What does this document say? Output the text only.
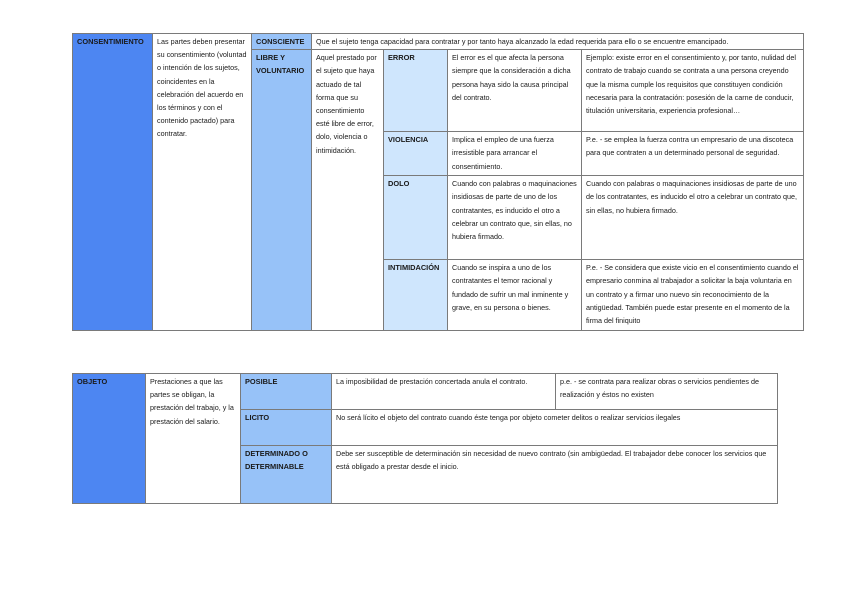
CONSENTIMIENTO	Las partes deben presentar su consentimiento (voluntad o intención de los sujetos, coincidentes en la celebración del acuerdo en los términos y con el contenido pactado) para contratar.	CONSCIENTE	Que el sujeto tenga capacidad para contratar y por tanto haya alcanzado la edad requerida para ello o se encuentre emancipado.			
		LIBRE Y VOLUNTARIO	Aquel prestado por el sujeto que haya actuado de tal forma que su consentimiento esté libre de error, dolo, violencia o intimidación.	ERROR	El error es el que afecta la persona siempre que la consideración a dicha persona haya sido la causa principal del contrato.	Ejemplo: existe error en el consentimiento y, por tanto, nulidad del contrato de trabajo cuando se contrata a una persona creyendo que la misma cumple los requisitos que constituyen condición necesaria para la contratación: posesión de la carne de conducir, titulación universitaria, experiencia profesional…
				VIOLENCIA	Implica el empleo de una fuerza irresistible para arrancar el consentimiento.	P.e. - se emplea la fuerza contra un empresario de una discoteca para que contraten a un determinado personal de seguridad.
				DOLO	Cuando con palabras o maquinaciones insidiosas de parte de uno de los contratantes, es inducido el otro a celebrar un contrato que, sin ellas, no hubiera firmado.	Cuando con palabras o maquinaciones insidiosas de parte de uno de los contratantes, es inducido el otro a celebrar un contrato que, sin ellas, no hubiera firmado.
				INTIMIDACIÓN	Cuando se inspira a uno de los contratantes el temor racional y fundado de sufrir un mal inminente y grave, en su persona o bienes.	P.e. - Se considera que existe vicio en el consentimiento cuando el empresario conmina al trabajador a solicitar la baja voluntaria en un contrato y a firmar uno nuevo sin reconocimiento de la antigüedad. También puede estar presente en el momento de la firma del finiquito
OBJETO	Prestaciones a que las partes se obligan, la prestación del trabajo, y la prestación del salario.	POSIBLE	La imposibilidad de prestación concertada anula el contrato.	p.e. - se contrata para realizar obras o servicios pendientes de realización y éstos no existen
		LICITO	No será lícito el objeto del contrato cuando éste tenga por objeto cometer delitos o realizar servicios ilegales	
		DETERMINADO O DETERMINABLE	Debe ser susceptible de determinación sin necesidad de nuevo contrato (sin ambigüedad. El trabajador debe conocer los servicios que está obligado a prestar desde el inicio.	
